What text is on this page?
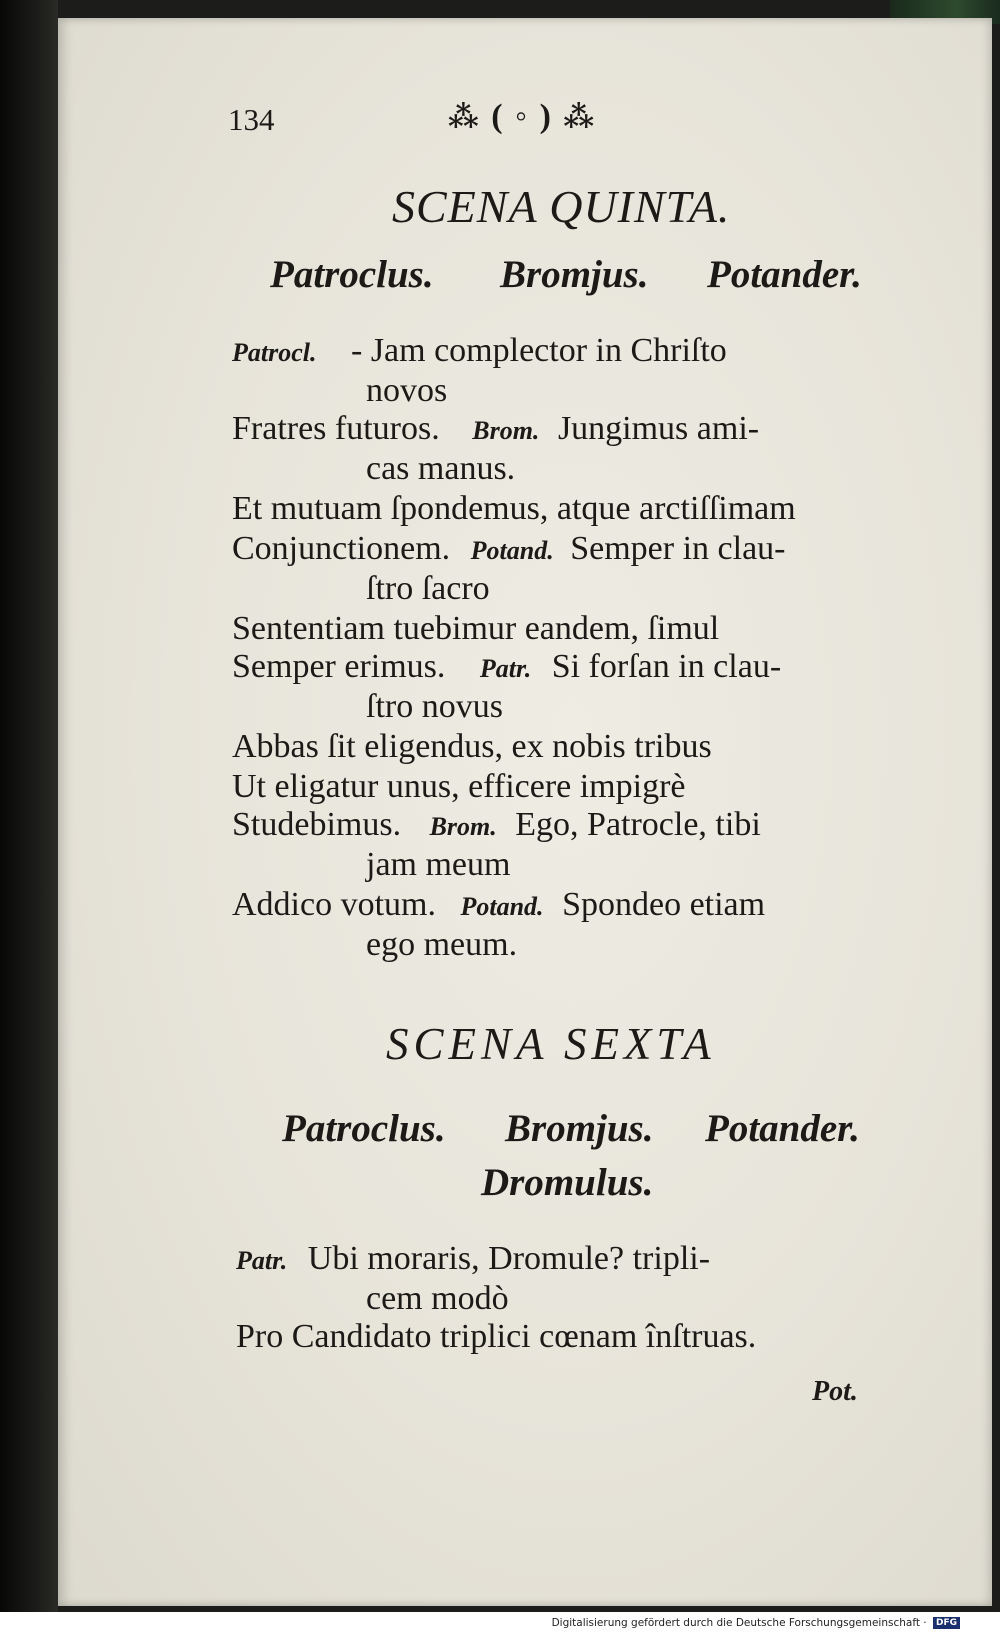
134	⁂ ( ◦ ) ⁂
SCENA QUINTA.
Patroclus. Bromjus. Potander.
Patrocl. - Jam complector in Chriſto
novos
Fratres futuros. Brom. Jungimus ami-
cas manus.
Et mutuam ſpondemus, atque arctiſſimam
Conjunctionem. Potand. Semper in clau-
ſtro ſacro
Sententiam tuebimur eandem, ſimul
Semper erimus. Patr. Si forſan in clau-
ſtro novus
Abbas ſit eligendus, ex nobis tribus
Ut eligatur unus, efficere impigrè
Studebimus. Brom. Ego, Patrocle, tibi
jam meum
Addico votum. Potand. Spondeo etiam
ego meum.
SCENA SEXTA
Patroclus. Bromjus. Potander.
Dromulus.
Patr. Ubi moraris, Dromule? tripli-
cem modò
Pro Candidato triplici cœnam înſtruas.
Pot.
Digitalisierung gefördert durch die Deutsche Forschungsgemeinschaft · DFG
